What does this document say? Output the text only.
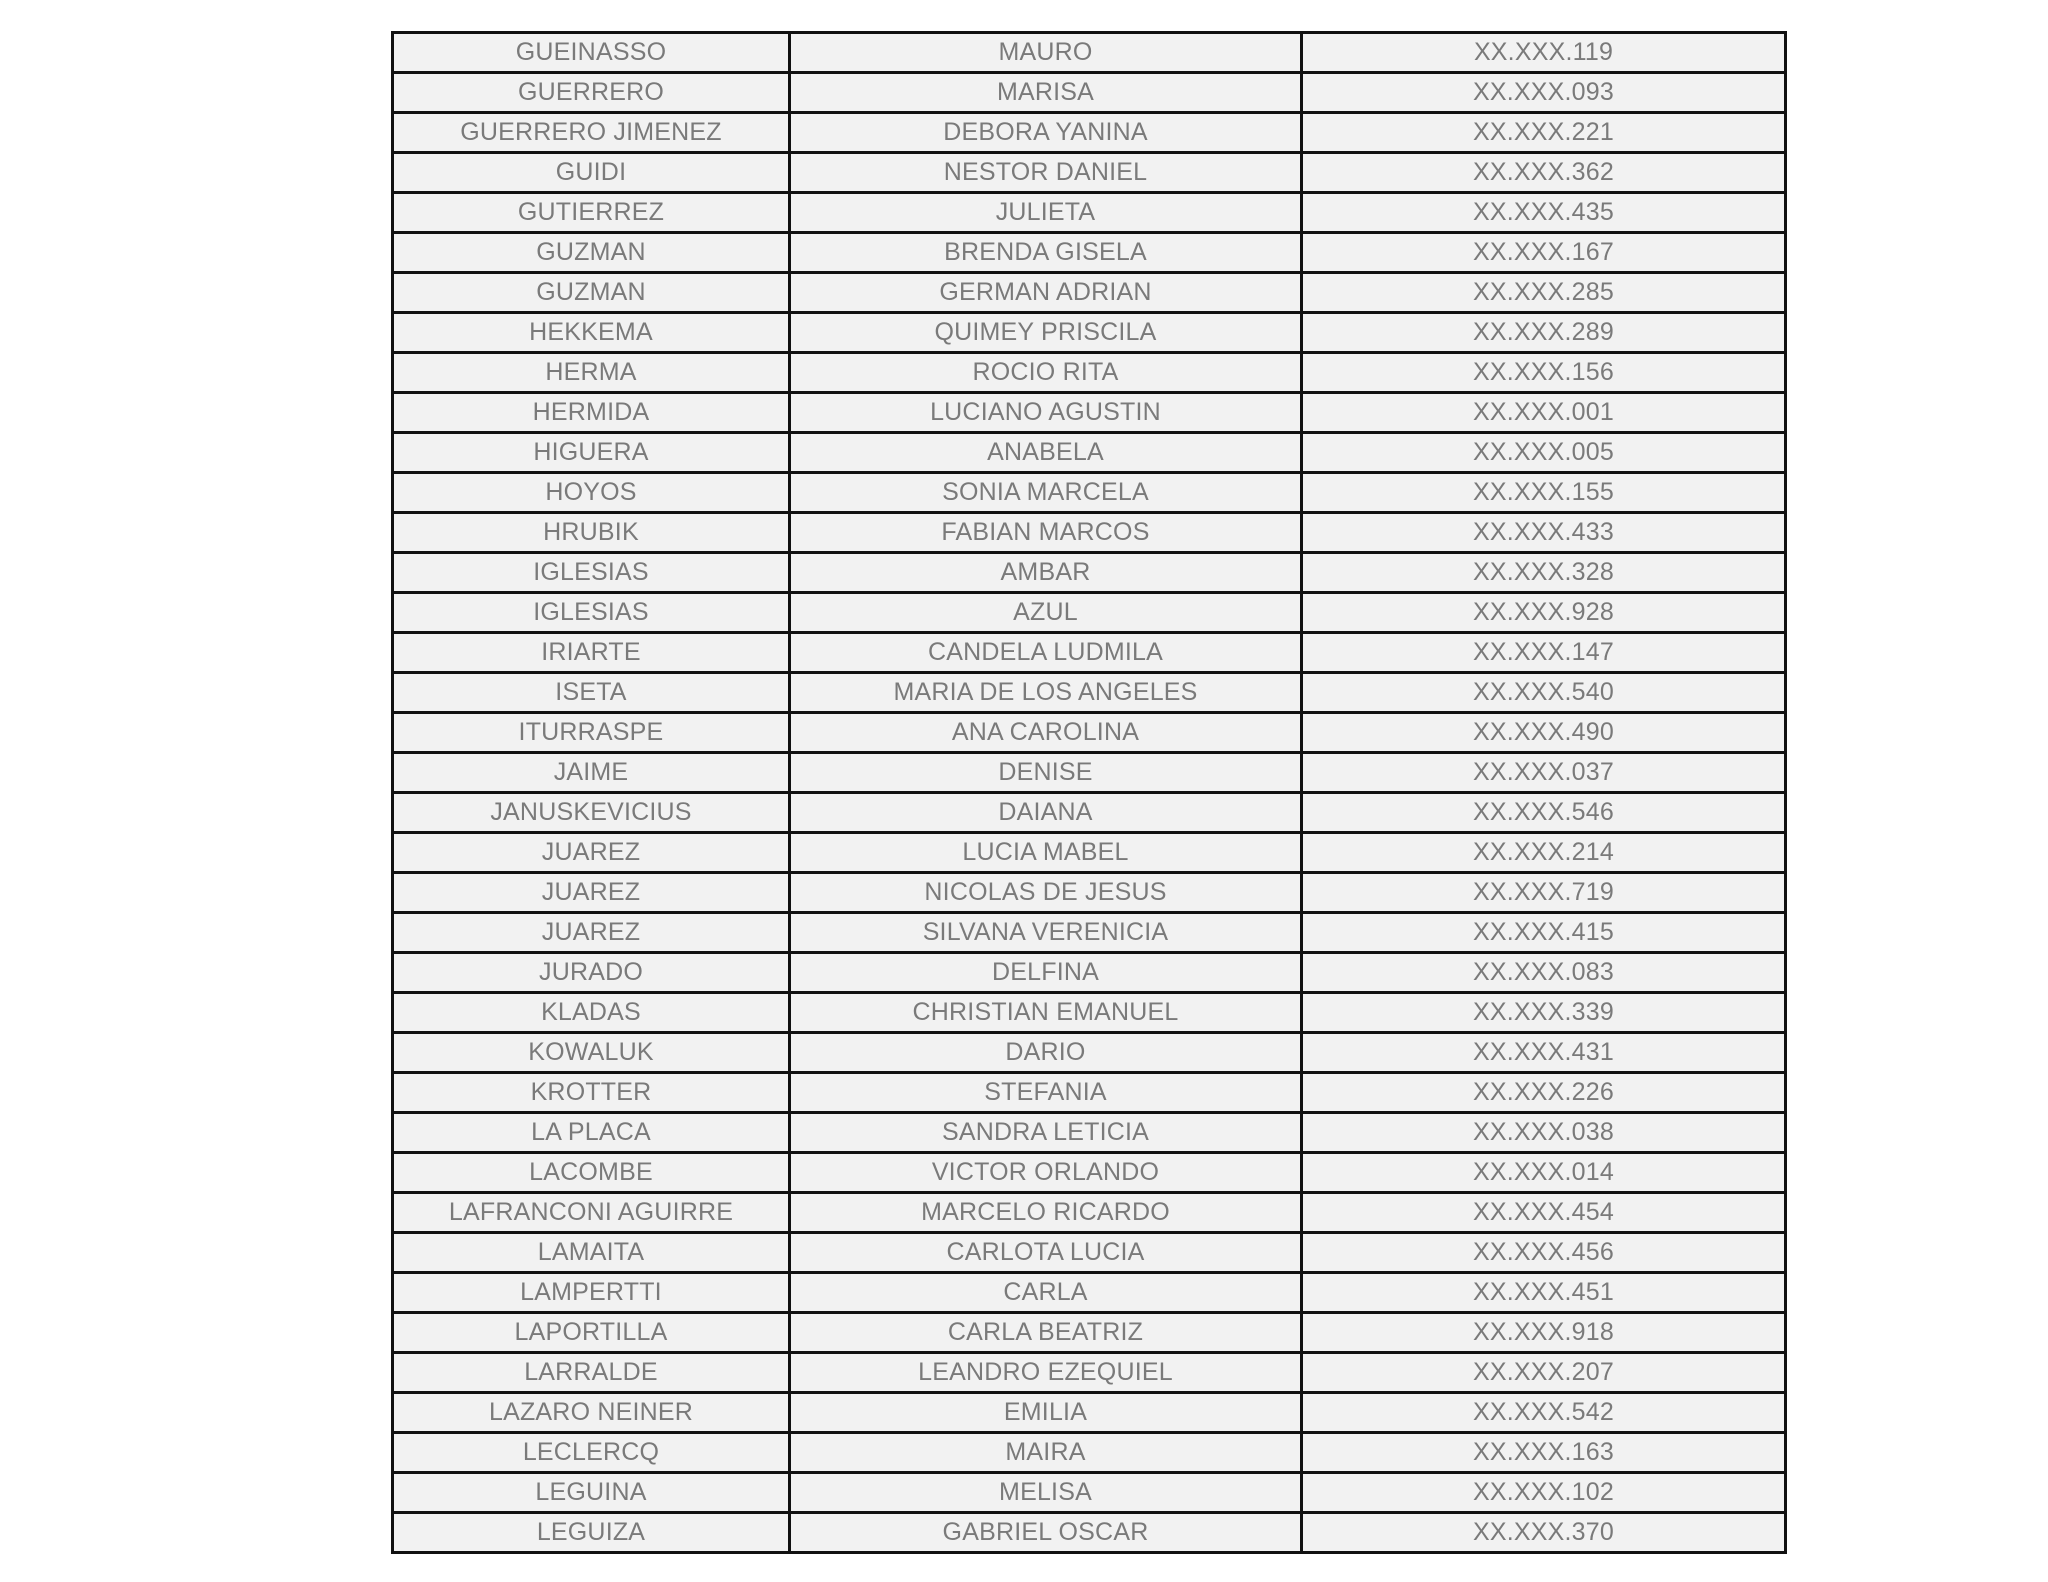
GUEINASSO	MAURO	XX.XXX.119
GUERRERO	MARISA	XX.XXX.093
GUERRERO JIMENEZ	DEBORA YANINA	XX.XXX.221
GUIDI	NESTOR DANIEL	XX.XXX.362
GUTIERREZ	JULIETA	XX.XXX.435
GUZMAN	BRENDA GISELA	XX.XXX.167
GUZMAN	GERMAN ADRIAN	XX.XXX.285
HEKKEMA	QUIMEY PRISCILA	XX.XXX.289
HERMA	ROCIO RITA	XX.XXX.156
HERMIDA	LUCIANO AGUSTIN	XX.XXX.001
HIGUERA	ANABELA	XX.XXX.005
HOYOS	SONIA MARCELA	XX.XXX.155
HRUBIK	FABIAN MARCOS	XX.XXX.433
IGLESIAS	AMBAR	XX.XXX.328
IGLESIAS	AZUL	XX.XXX.928
IRIARTE	CANDELA LUDMILA	XX.XXX.147
ISETA	MARIA DE LOS ANGELES	XX.XXX.540
ITURRASPE	ANA CAROLINA	XX.XXX.490
JAIME	DENISE	XX.XXX.037
JANUSKEVICIUS	DAIANA	XX.XXX.546
JUAREZ	LUCIA MABEL	XX.XXX.214
JUAREZ	NICOLAS DE JESUS	XX.XXX.719
JUAREZ	SILVANA VERENICIA	XX.XXX.415
JURADO	DELFINA	XX.XXX.083
KLADAS	CHRISTIAN EMANUEL	XX.XXX.339
KOWALUK	DARIO	XX.XXX.431
KROTTER	STEFANIA	XX.XXX.226
LA PLACA	SANDRA LETICIA	XX.XXX.038
LACOMBE	VICTOR ORLANDO	XX.XXX.014
LAFRANCONI AGUIRRE	MARCELO RICARDO	XX.XXX.454
LAMAITA	CARLOTA LUCIA	XX.XXX.456
LAMPERTTI	CARLA	XX.XXX.451
LAPORTILLA	CARLA BEATRIZ	XX.XXX.918
LARRALDE	LEANDRO EZEQUIEL	XX.XXX.207
LAZARO NEINER	EMILIA	XX.XXX.542
LECLERCQ	MAIRA	XX.XXX.163
LEGUINA	MELISA	XX.XXX.102
LEGUIZA	GABRIEL OSCAR	XX.XXX.370
